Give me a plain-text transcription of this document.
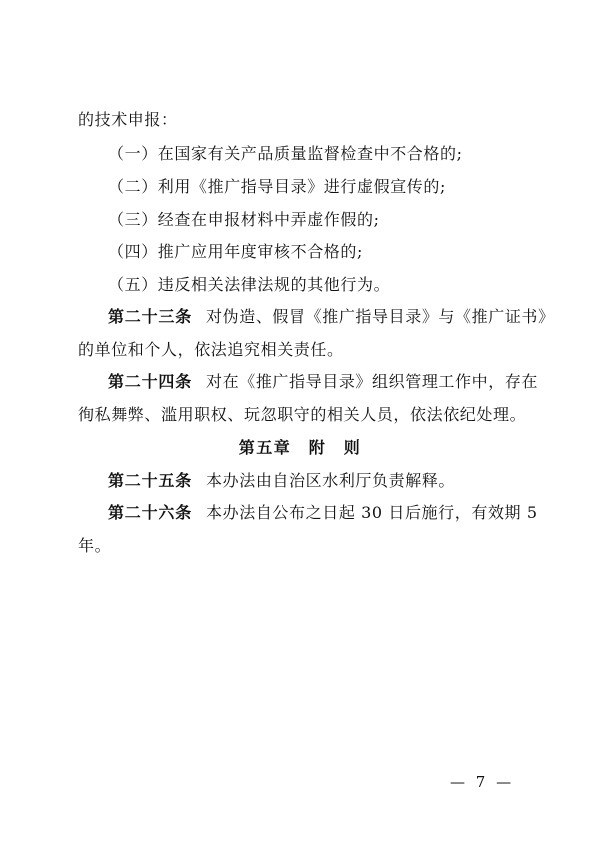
的技术申报：
（一）在国家有关产品质量监督检查中不合格的;
（二）利用《推广指导目录》进行虚假宣传的;
（三）经查在申报材料中弄虚作假的;
（四）推广应用年度审核不合格的;
（五）违反相关法律法规的其他行为。
第二十三条 对伪造、假冒《推广指导目录》与《推广证书》
的单位和个人，依法追究相关责任。
第二十四条 对在《推广指导目录》组织管理工作中，存在
徇私舞弊、滥用职权、玩忽职守的相关人员，依法依纪处理。
第五章　附　则
第二十五条 本办法由自治区水利厅负责解释。
第二十六条 本办法自公布之日起 30 日后施行，有效期 5
年。
— 7 —
